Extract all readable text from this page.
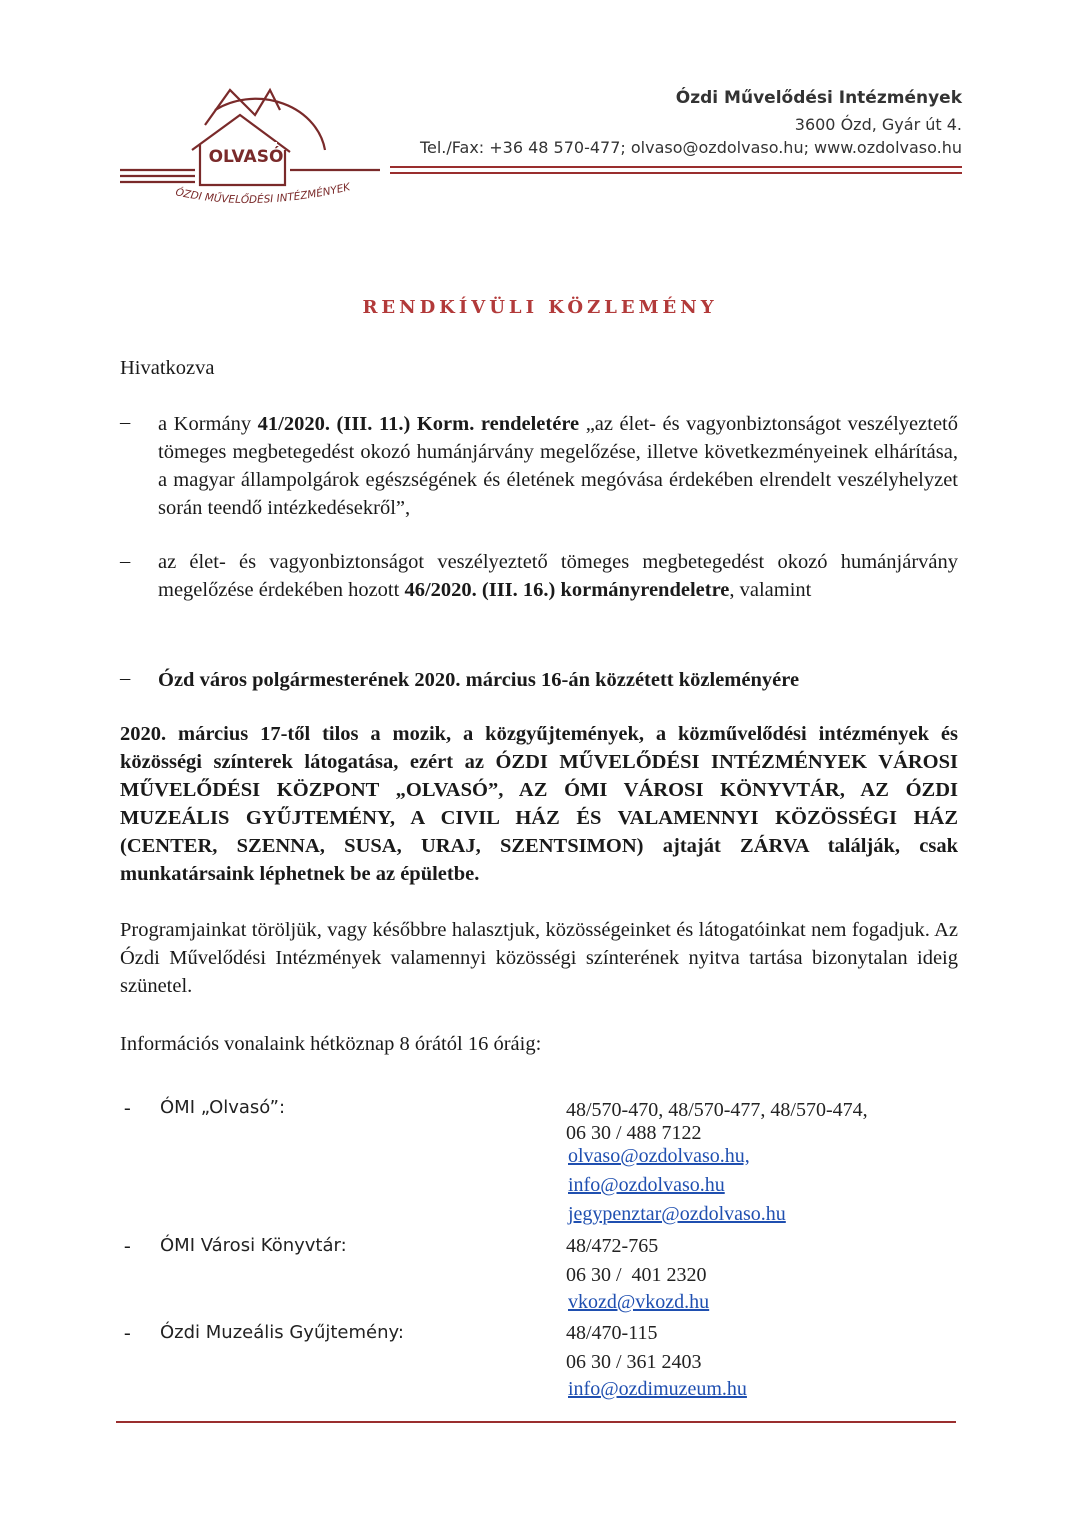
OLVASÓ
ÓZDI MŰVELŐDÉSI INTÉZMÉNYEK
Ózdi Művelődési Intézmények
3600 Ózd, Gyár út 4.
Tel./Fax: +36 48 570-477; olvaso@ozdolvaso.hu; www.ozdolvaso.hu
RENDKÍVÜLI KÖZLEMÉNY
Hivatkozva
– a Kormány 41/2020. (III. 11.) Korm. rendeletére „az élet- és vagyonbiztonságot veszélyeztető tömeges megbetegedést okozó humánjárvány megelőzése, illetve következményeinek elhárítása, a magyar állampolgárok egészségének és életének megóvása érdekében elrendelt veszélyhelyzet során teendő intézkedésekről”,
– az élet- és vagyonbiztonságot veszélyeztető tömeges megbetegedést okozó humánjárvány megelőzése érdekében hozott 46/2020. (III. 16.) kormányrendeletre, valamint
– Ózd város polgármesterének 2020. március 16-án közzétett közleményére
2020. március 17-től tilos a mozik, a közgyűjtemények, a közművelődési intézmények és közösségi színterek látogatása, ezért az ÓZDI MŰVELŐDÉSI INTÉZMÉNYEK VÁROSI MŰVELŐDÉSI KÖZPONT „OLVASÓ”, AZ ÓMI VÁROSI KÖNYVTÁR, AZ ÓZDI MUZEÁLIS GYŰJTEMÉNY, A CIVIL HÁZ ÉS VALAMENNYI KÖZÖSSÉGI HÁZ (CENTER, SZENNA, SUSA, URAJ, SZENTSIMON) ajtaját ZÁRVA találják, csak munkatársaink léphetnek be az épületbe.
Programjainkat töröljük, vagy későbbre halasztjuk, közösségeinket és látogatóinkat nem fogadjuk. Az Ózdi Művelődési Intézmények valamennyi közösségi színterének nyitva tartása bizonytalan ideig szünetel.
Információs vonalaink hétköznap 8 órától 16 óráig:
- ÓMI „Olvasó”:	48/570-470, 48/570-477, 48/570-474,
06 30 / 488 7122
olvaso@ozdolvaso.hu,
info@ozdolvaso.hu
jegypenztar@ozdolvaso.hu
- ÓMI Városi Könyvtár:	48/472-765
06 30 /  401 2320
vkozd@vkozd.hu
- Ózdi Muzeális Gyűjtemény:	48/470-115
06 30 / 361 2403
info@ozdimuzeum.hu
